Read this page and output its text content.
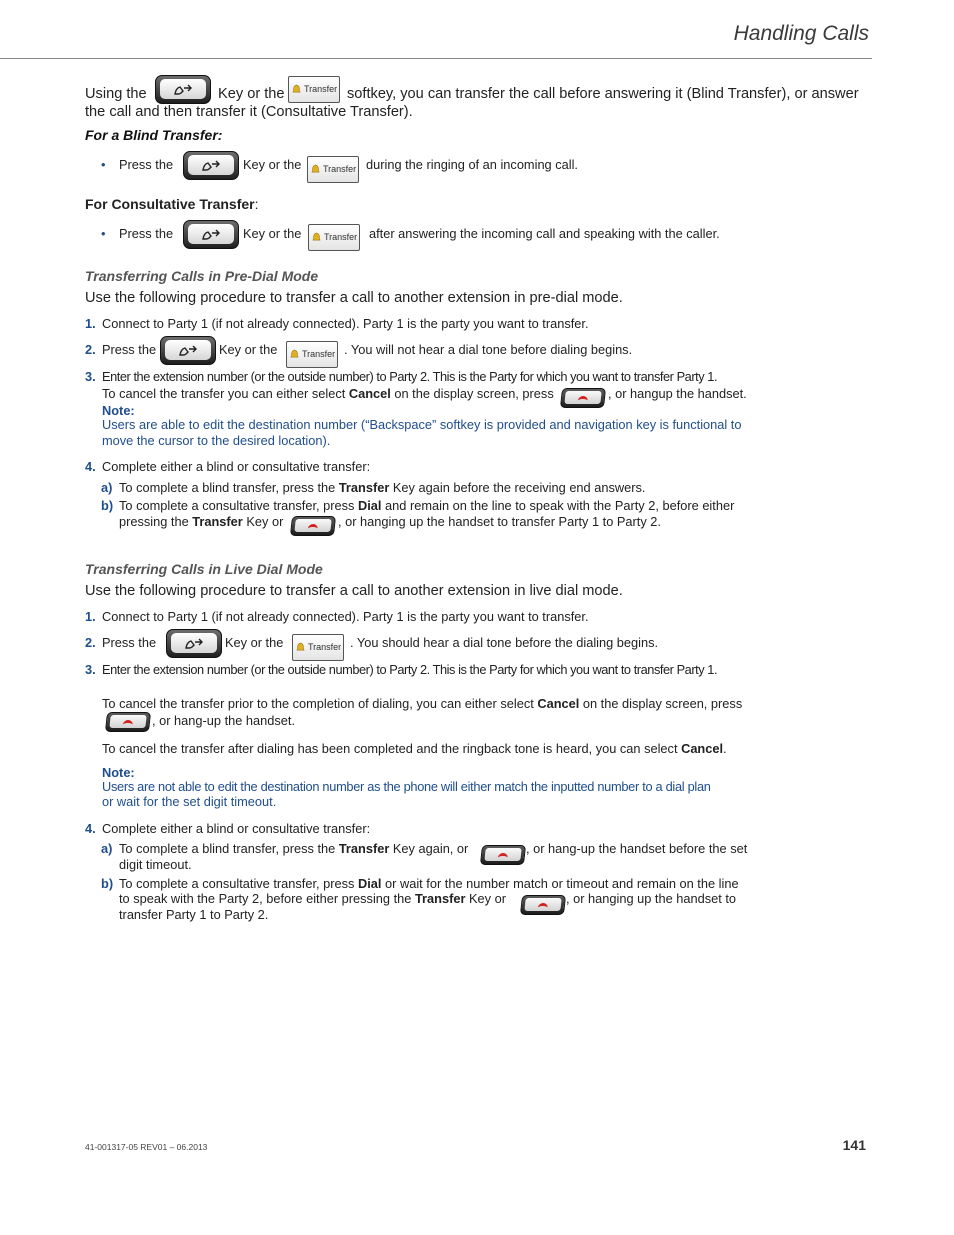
Handling Calls
Using the	Key or the Transfer softkey, you can transfer the call before answering it (Blind Transfer), or answer
the call and then transfer it (Consultative Transfer).
For a Blind Transfer:
• Press the	Key or the Transfer during the ringing of an incoming call.
For Consultative Transfer:
• Press the	Key or the	Transfer after answering the incoming call and speaking with the caller.
Transferring Calls in Pre-Dial Mode
Use the following procedure to transfer a call to another extension in pre-dial mode.
1. Connect to Party 1 (if not already connected). Party 1 is the party you want to transfer.
2. Press the	Key or the	Transfer . You will not hear a dial tone before dialing begins.
3. Enter the extension number (or the outside number) to Party 2. This is the Party for which you want to transfer Party 1.
To cancel the transfer you can either select Cancel on the display screen, press	, or hangup the handset.
Note:
Users are able to edit the destination number (“Backspace” softkey is provided and navigation key is functional to
move the cursor to the desired location).
4. Complete either a blind or consultative transfer:
a) To complete a blind transfer, press the Transfer Key again before the receiving end answers.
b) To complete a consultative transfer, press Dial and remain on the line to speak with the Party 2, before either
pressing the Transfer Key or	, or hanging up the handset to transfer Party 1 to Party 2.
Transferring Calls in Live Dial Mode
Use the following procedure to transfer a call to another extension in live dial mode.
1. Connect to Party 1 (if not already connected). Party 1 is the party you want to transfer.
2. Press the	Key or the	Transfer . You should hear a dial tone before the dialing begins.
3. Enter the extension number (or the outside number) to Party 2. This is the Party for which you want to transfer Party 1.
To cancel the transfer prior to the completion of dialing, you can either select Cancel on the display screen, press
, or hang-up the handset.
To cancel the transfer after dialing has been completed and the ringback tone is heard, you can select Cancel.
Note:
Users are not able to edit the destination number as the phone will either match the inputted number to a dial plan
or wait for the set digit timeout.
4. Complete either a blind or consultative transfer:
a) To complete a blind transfer, press the Transfer Key again, or	, or hang-up the handset before the set
digit timeout.
b) To complete a consultative transfer, press Dial or wait for the number match or timeout and remain on the line
to speak with the Party 2, before either pressing the Transfer Key or	, or hanging up the handset to
transfer Party 1 to Party 2.
41-001317-05 REV01 – 06.2013	141
